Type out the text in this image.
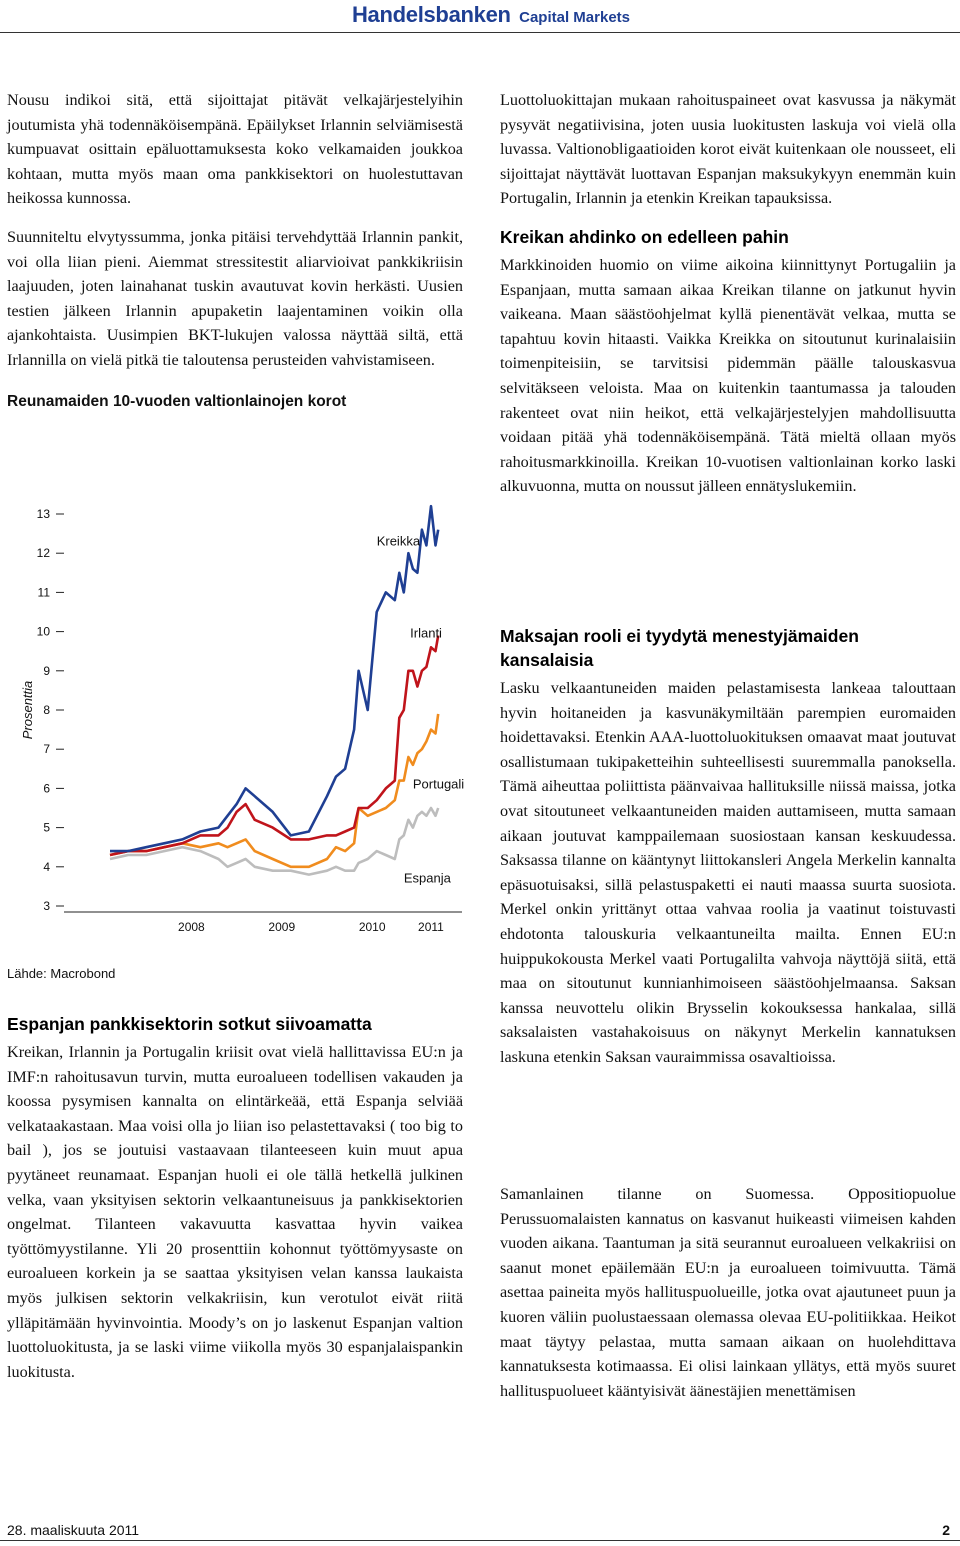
Handelsbanken Capital Markets

Nousu indikoi sitä, että sijoittajat pitävät velkajärjestelyihin joutumista yhä todennäköisempänä. Epäilykset Irlannin selviämisestä kumpuavat osittain epäluottamuksesta koko velkamaiden joukkoa kohtaan, mutta myös maan oma pankkisektori on huolestuttavan heikossa kunnossa.

Suunniteltu elvytyssumma, jonka pitäisi tervehdyttää Irlannin pankit, voi olla liian pieni. Aiemmat stressitestit aliarvioivat pankkikriisin laajuuden, joten lainahanat tuskin avautuvat kovin herkästi. Uusien testien jälkeen Irlannin apupaketin laajentaminen voikin olla ajankohtaista. Uusimpien BKT-lukujen valossa näyttää siltä, että Irlannilla on vielä pitkä tie taloutensa perusteiden vahvistamiseen.

Reunamaiden 10-vuoden valtionlainojen korot
3
4
5
6
7
8
9
10
11
12
13
Prosenttia
2008	2009	2010	2011
Kreikka
Irlanti
Portugali
Espanja
Lähde: Macrobond
Espanjan pankkisektorin sotkut siivoamatta

Kreikan, Irlannin ja Portugalin kriisit ovat vielä hallittavissa EU:n ja IMF:n rahoitusavun turvin, mutta euroalueen todellisen vakauden ja koossa pysymisen kannalta on elintärkeää, että Espanja selviää velkataakastaan. Maa voisi olla jo liian iso pelastettavaksi ( too big to bail ), jos se joutuisi vastaavaan tilanteeseen kuin muut apua pyytäneet reunamaat. Espanjan huoli ei ole tällä hetkellä julkinen velka, vaan yksityisen sektorin velkaantuneisuus ja pankkisektorien ongelmat. Tilanteen vakavuutta kasvattaa hyvin vaikea työttömyystilanne. Yli 20 prosenttiin kohonnut työttömyysaste on euroalueen korkein ja se saattaa yksityisen velan kanssa laukaista myös julkisen sektorin velkakriisin, kun verotulot eivät riitä ylläpitämään hyvinvointia. Moody’s on jo laskenut Espanjan valtion luottoluokitusta, ja se laski viime viikolla myös 30 espanjalaispankin luokitusta.

Luottoluokittajan mukaan rahoituspaineet ovat kasvussa ja näkymät pysyvät negatiivisina, joten uusia luokitusten laskuja voi vielä olla luvassa. Valtionobligaatioiden korot eivät kuitenkaan ole nousseet, eli sijoittajat näyttävät luottavan Espanjan maksukykyyn enemmän kuin Portugalin, Irlannin ja etenkin Kreikan tapauksissa.

Kreikan ahdinko on edelleen pahin

Markkinoiden huomio on viime aikoina kiinnittynyt Portugaliin ja Espanjaan, mutta samaan aikaa Kreikan tilanne on jatkunut hyvin vaikeana. Maan säästöohjelmat kyllä pienentävät velkaa, mutta se tapahtuu kovin hitaasti. Vaikka Kreikka on sitoutunut kurinalaisiin toimenpiteisiin, se tarvitsisi pidemmän päälle talouskasvua selvitäkseen veloista. Maa on kuitenkin taantumassa ja talouden rakenteet ovat niin heikot, että velkajärjestelyjen mahdollisuutta voidaan pitää yhä todennäköisempänä. Tätä mieltä ollaan myös rahoitusmarkkinoilla. Kreikan 10-vuotisen valtionlainan korko laski alkuvuonna, mutta on noussut jälleen ennätyslukemiin.

Maksajan rooli ei tyydytä menestyjämaiden kansalaisia

Lasku velkaantuneiden maiden pelastamisesta lankeaa talouttaan hyvin hoitaneiden ja kasvunäkymiltään parempien euromaiden hoidettavaksi. Etenkin AAA-luottoluokituksen omaavat maat joutuvat osallistumaan tukipaketteihin suhteellisesti suuremmalla panoksella. Tämä aiheuttaa poliittista päänvaivaa hallituksille niissä maissa, jotka ovat sitoutuneet velkaantuneiden maiden auttamiseen, mutta samaan aikaan joutuvat kamppailemaan suosiostaan kansan keskuudessa. Saksassa tilanne on kääntynyt liittokansleri Angela Merkelin kannalta epäsuotuisaksi, sillä pelastuspaketti ei nauti maassa suurta suosiota. Merkel onkin yrittänyt ottaa vahvaa roolia ja vaatinut toistuvasti ehdotonta talouskuria velkaantuneilta mailta. Ennen EU:n huippukokousta Merkel vaati Portugalilta vahvoja näyttöjä siitä, että maa on sitoutunut kunnianhimoiseen säästöohjelmaansa. Saksan kanssa neuvottelu olikin Brysselin kokouksessa hankalaa, sillä saksalaisten vastahakoisuus on näkynyt Merkelin kannatuksen laskuna etenkin Saksan vauraimmissa osavaltioissa.

Samanlainen tilanne on Suomessa. Oppositiopuolue Perussuomalaisten kannatus on kasvanut huikeasti viimeisen kahden vuoden aikana. Taantuman ja sitä seurannut euroalueen velkakriisi on saanut monet epäilemään EU:n ja euroalueen toimivuutta. Tämä asettaa paineita myös hallituspuolueille, jotka ovat ajautuneet puun ja kuoren väliin puolustaessaan olemassa olevaa EU-politiikkaa. Heikot maat täytyy pelastaa, mutta samaan aikaan on huolehdittava kannatuksesta kotimaassa. Ei olisi lainkaan yllätys, että myös suuret hallituspuolueet kääntyisivät äänestäjien menettämisen

28. maaliskuuta 2011	2
